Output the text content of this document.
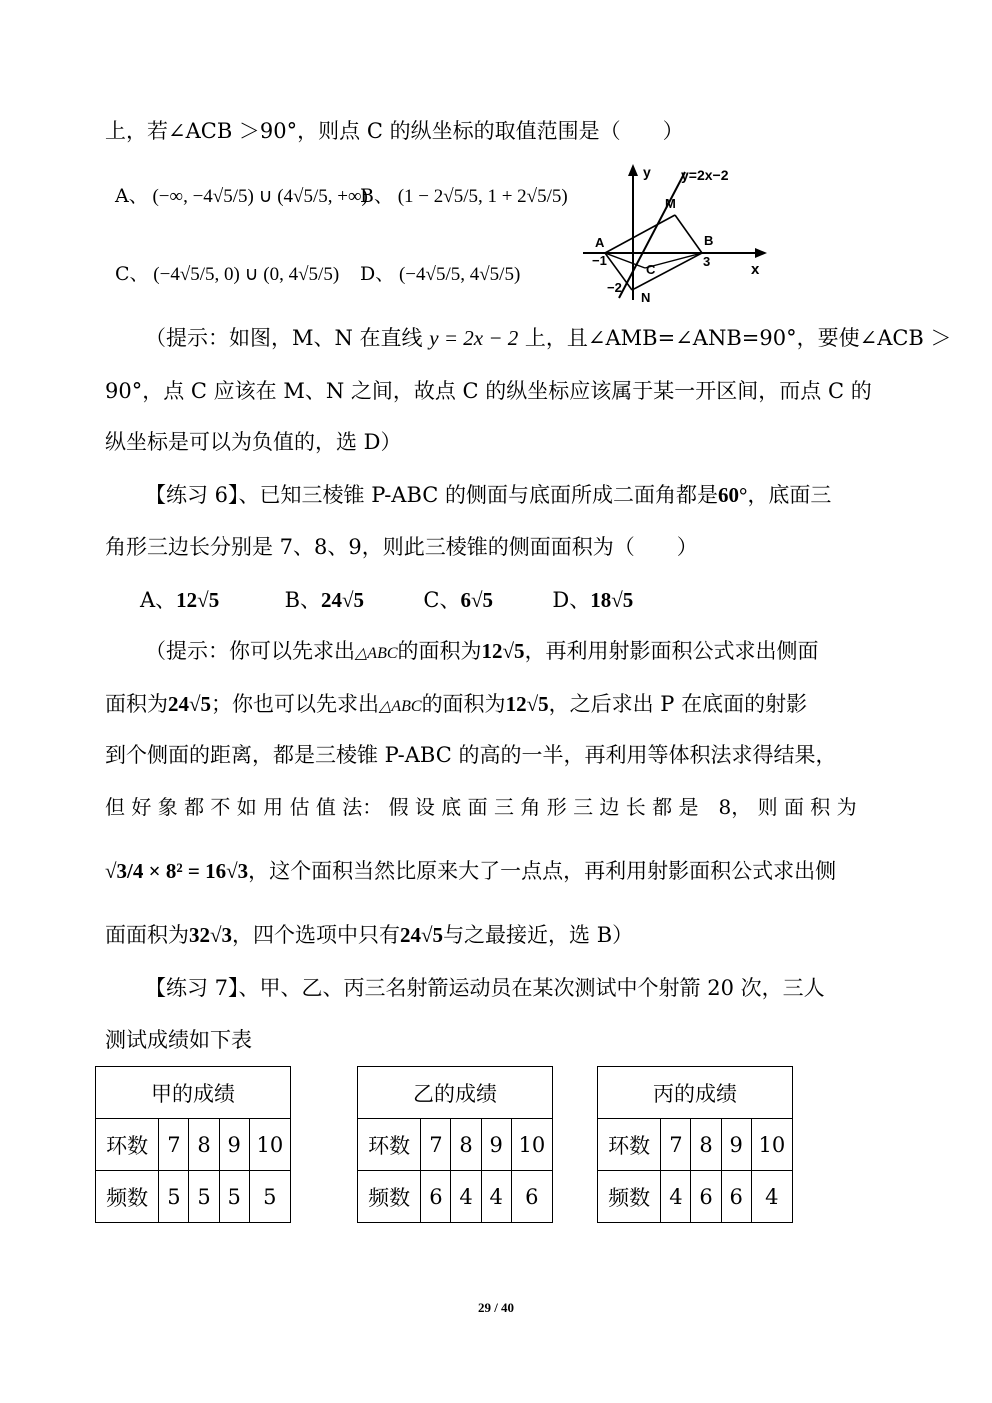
上，若∠ACB ＞90°，则点 C 的纵坐标的取值范围是（　　）
A、 (−∞, −4√5/5) ∪ (4√5/5, +∞)
B、 (1 − 2√5/5, 1 + 2√5/5)
C、 (−4√5/5, 0) ∪ (0, 4√5/5) D、 (−4√5/5, 4√5/5)
y y=2x−2
M
A	B
−1	3
C	x
−2
N
（提示：如图，M、N 在直线 y = 2x − 2 上，且∠AMB=∠ANB=90°，要使∠ACB ＞
90°，点 C 应该在 M、N 之间，故点 C 的纵坐标应该属于某一开区间，而点 C 的
纵坐标是可以为负值的，选 D）
【练习 6】、已知三棱锥 P-ABC 的侧面与底面所成二面角都是60°，底面三
角形三边长分别是 7、8、9，则此三棱锥的侧面面积为（　　）
A、12√5	B、24√5	C、6√5	D、18√5
（提示：你可以先求出△ABC的面积为12√5，再利用射影面积公式求出侧面
面积为24√5；你也可以先求出△ABC的面积为12√5，之后求出 P 在底面的射影
到个侧面的距离，都是三棱锥 P-ABC 的高的一半，再利用等体积法求得结果，
但 好 象 都 不 如 用 估 值 法： 假 设 底 面 三 角 形 三 边 长 都 是　8， 则 面 积 为
√3/4 × 8² = 16√3，这个面积当然比原来大了一点点，再利用射影面积公式求出侧
面面积为32√3，四个选项中只有24√5与之最接近，选 B）
【练习 7】、甲、乙、丙三名射箭运动员在某次测试中个射箭 20 次，三人
测试成绩如下表
甲的成绩				
环数	7	8	9	10
频数	5	5	5	5
乙的成绩				
环数	7	8	9	10
频数	6	4	4	6
丙的成绩				
环数	7	8	9	10
频数	4	6	6	4
29 / 40
